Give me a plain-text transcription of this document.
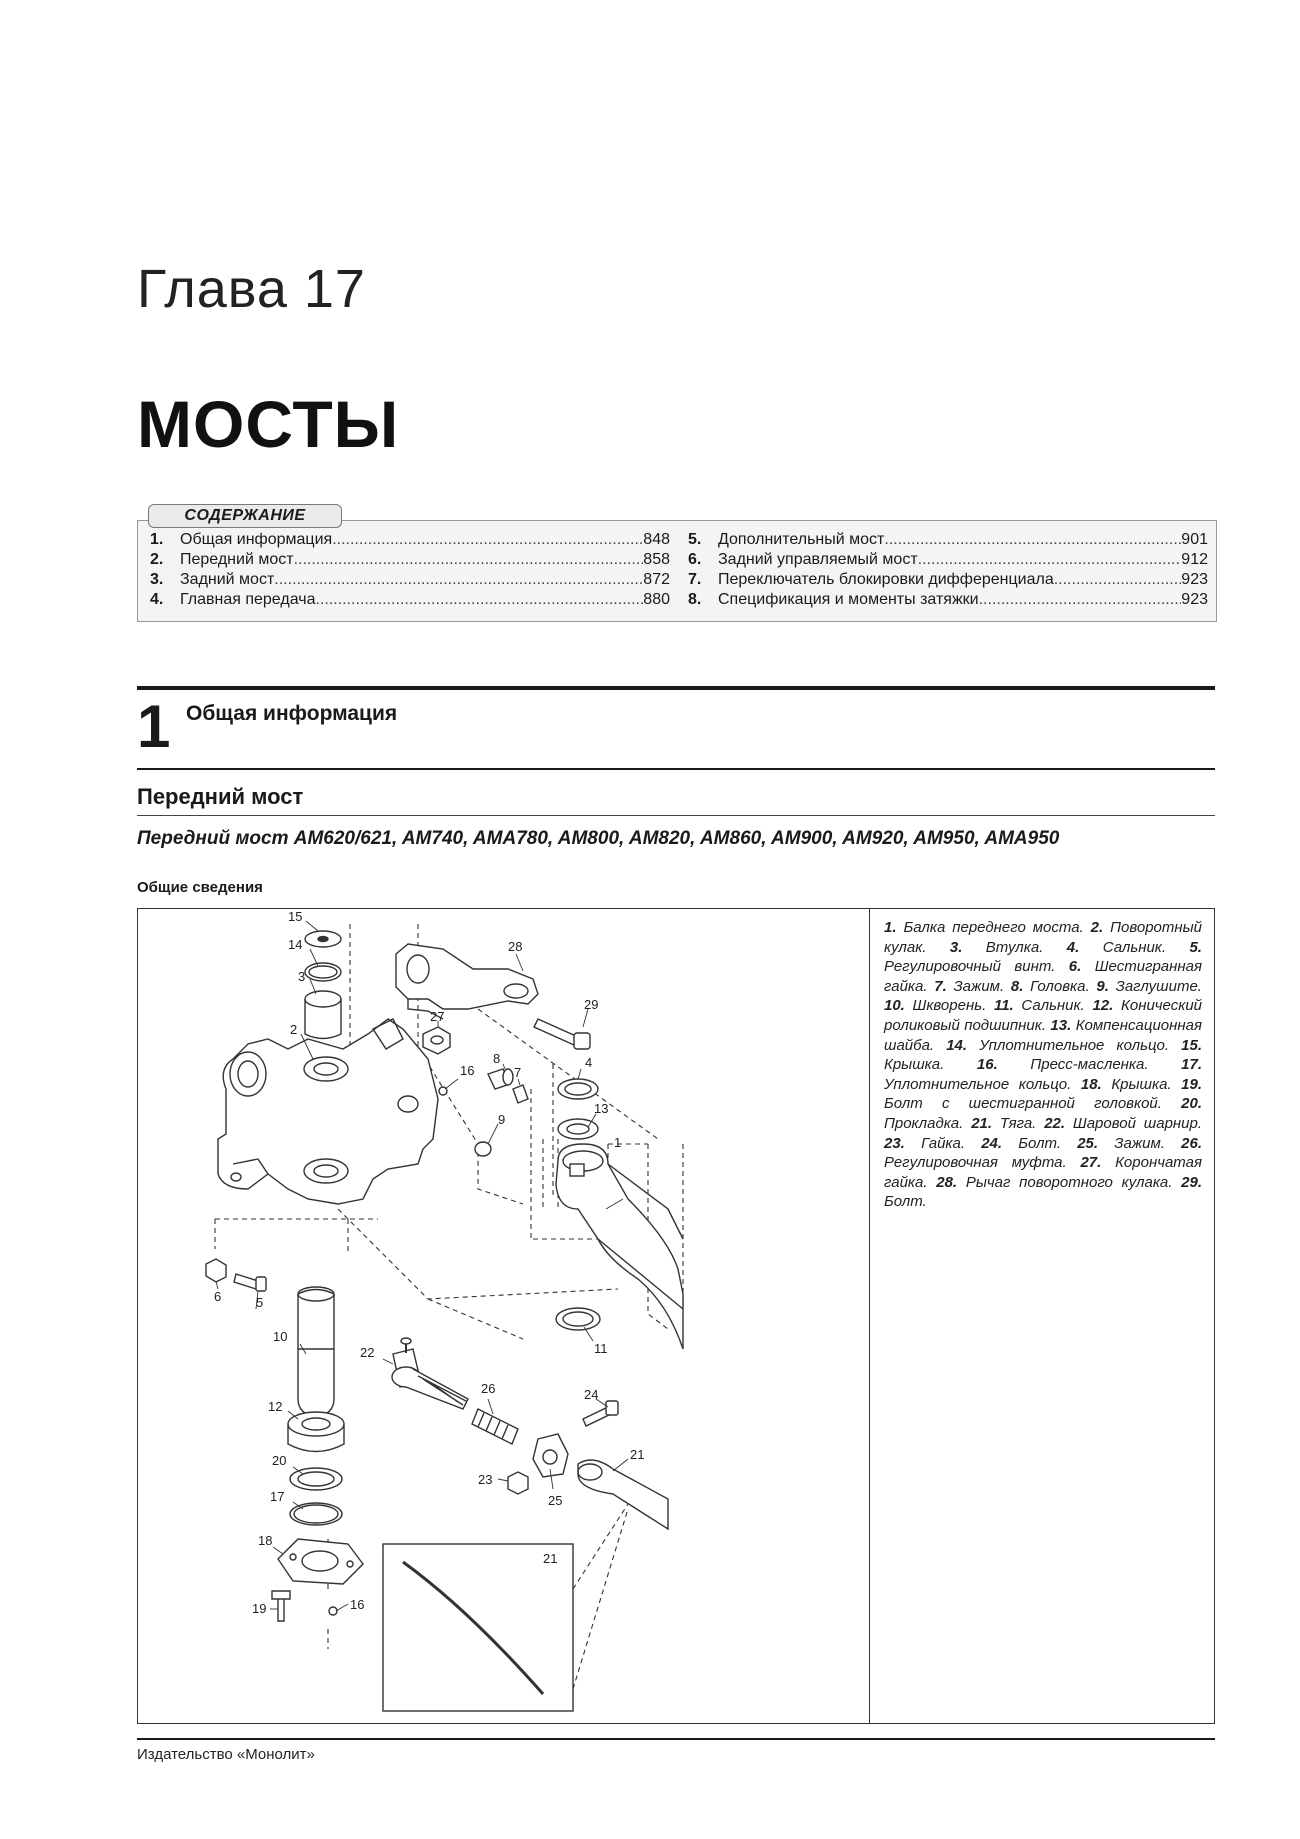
Глава 17
МОСТЫ
СОДЕРЖАНИЕ
1.	Общая информация .....	848
2.	Передний мост .....	858
3.	Задний мост .....	872
4.	Главная передача .....	880
5.	Дополнительный мост .....	901
6.	Задний управляемый мост .....	912
7.	Переключатель блокировки дифференциала .....	923
8.	Спецификация и моменты затяжки .....	923
1 Общая информация
Передний мост
Передний мост AM620/621, AM740, AMA780, AM800, AM820, AM860, AM900, AM920, AM950, AMA950
Общие сведения
1
2
3
4
5
6
7
8
9
10
11
12
13
14
15
16
16
17
18
19
20	21
21
22
23
24
25
26
27
28
29
1. Балка переднего моста. 2. Поворотный кулак. 3. Втулка. 4. Сальник. 5. Регулировочный винт. 6. Шестигранная гайка. 7. Зажим. 8. Головка. 9. Заглушите. 10. Шкворень. 11. Сальник. 12. Конический роликовый подшипник. 13. Компенсационная шайба. 14. Уплотнительное кольцо. 15. Крышка. 16. Пресс-масленка. 17. Уплотнительное кольцо. 18. Крышка. 19. Болт с шестигранной головкой. 20. Прокладка. 21. Тяга. 22. Шаровой шарнир. 23. Гайка. 24. Болт. 25. Зажим. 26. Регулировочная муфта. 27. Корончатая гайка. 28. Рычаг поворотного кулака. 29. Болт.
Издательство «Монолит»
